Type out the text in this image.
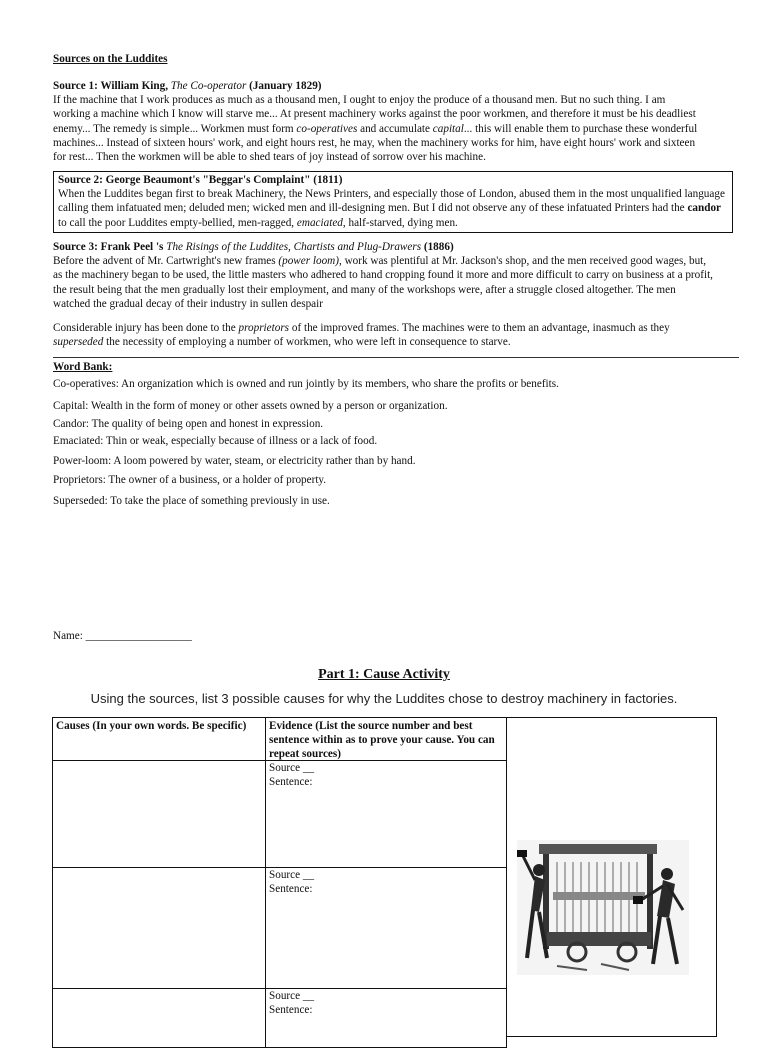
Sources on the Luddites
Source 1: William King, The Co-operator (January 1829)
If the machine that I work produces as much as a thousand men, I ought to enjoy the produce of a thousand men. But no such thing. I am working a machine which I know will starve me... At present machinery works against the poor workmen, and therefore it must be his deadliest enemy... The remedy is simple... Workmen must form co-operatives and accumulate capital... this will enable them to purchase these wonderful machines... Instead of sixteen hours' work, and eight hours rest, he may, when the machinery works for him, have eight hours' work and sixteen for rest... Then the workmen will be able to shed tears of joy instead of sorrow over his machine.
Source 2: George Beaumont's "Beggar's Complaint" (1811)
When the Luddites began first to break Machinery, the News Printers, and especially those of London, abused them in the most unqualified language calling them infatuated men; deluded men; wicked men and ill-designing men. But I did not observe any of these infatuated Printers had the candor to call the poor Luddites empty-bellied, men-ragged, emaciated, half-starved, dying men.
Source 3: Frank Peel 's The Risings of the Luddites, Chartists and Plug-Drawers (1886)
Before the advent of Mr. Cartwright's new frames (power loom), work was plentiful at Mr. Jackson's shop, and the men received good wages, but, as the machinery began to be used, the little masters who adhered to hand cropping found it more and more difficult to carry on business at a profit, the result being that the men gradually lost their employment, and many of the workshops were, after a struggle closed altogether. The men watched the gradual decay of their industry in sullen despair
Considerable injury has been done to the proprietors of the improved frames. The machines were to them an advantage, inasmuch as they superseded the necessity of employing a number of workmen, who were left in consequence to starve.
Word Bank:
Co-operatives: An organization which is owned and run jointly by its members, who share the profits or benefits.
Capital: Wealth in the form of money or other assets owned by a person or organization.
Candor: The quality of being open and honest in expression.
Emaciated: Thin or weak, especially because of illness or a lack of food.
Power-loom: A loom powered by water, steam, or electricity rather than by hand.
Proprietors: The owner of a business, or a holder of property.
Superseded: To take the place of something previously in use.
Name: ___________________
Part 1: Cause Activity
Using the sources, list 3 possible causes for why the Luddites chose to destroy machinery in factories.
Causes (In your own words. Be specific)	Evidence (List the source number and best sentence within as to prove your cause. You can repeat sources)
Source __
Sentence:
Source __
Sentence:
Source __
Sentence:
